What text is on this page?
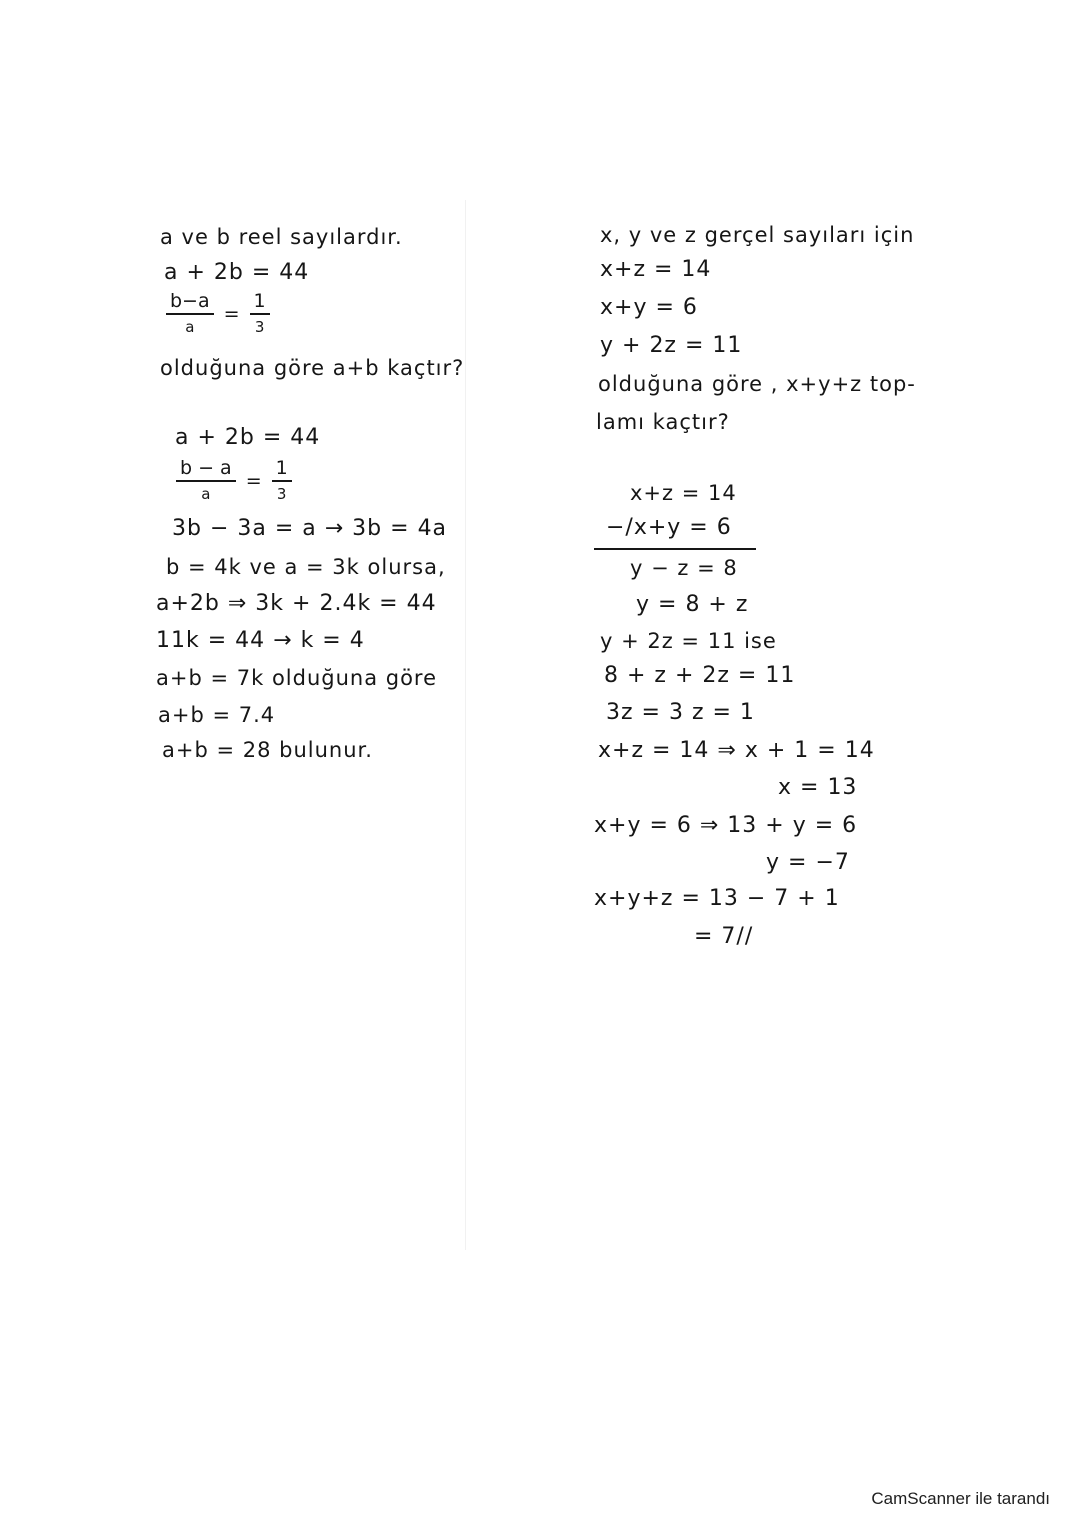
a ve b reel sayılardır.
a + 2b = 44
$\frac{b-a}{a} = \frac{1}{3}$
olduğuna göre a+b kaçtır?
a + 2b = 44
$\frac{b - a}{a} = \frac{1}{3}$
3b − 3a = a → 3b = 4a
b = 4k ve a = 3k olursa,
a+2b ⇒ 3k + 2.4k = 44
11k = 44 → k = 4
a+b = 7k olduğuna göre
a+b = 7.4
a+b = 28 bulunur.
x, y ve z gerçel sayıları için
x+z = 14
x+y = 6
y + 2z = 11
olduğuna göre , x+y+z top-
lamı kaçtır?
x+z = 14
−/x+y = 6
y − z = 8
y = 8 + z
y + 2z = 11 ise
8 + z + 2z = 11
3z = 3 z = 1
x+z = 14 ⇒ x + 1 = 14
x = 13
x+y = 6 ⇒ 13 + y = 6
y = −7
x+y+z = 13 − 7 + 1
= 7//
CamScanner ile tarandı
